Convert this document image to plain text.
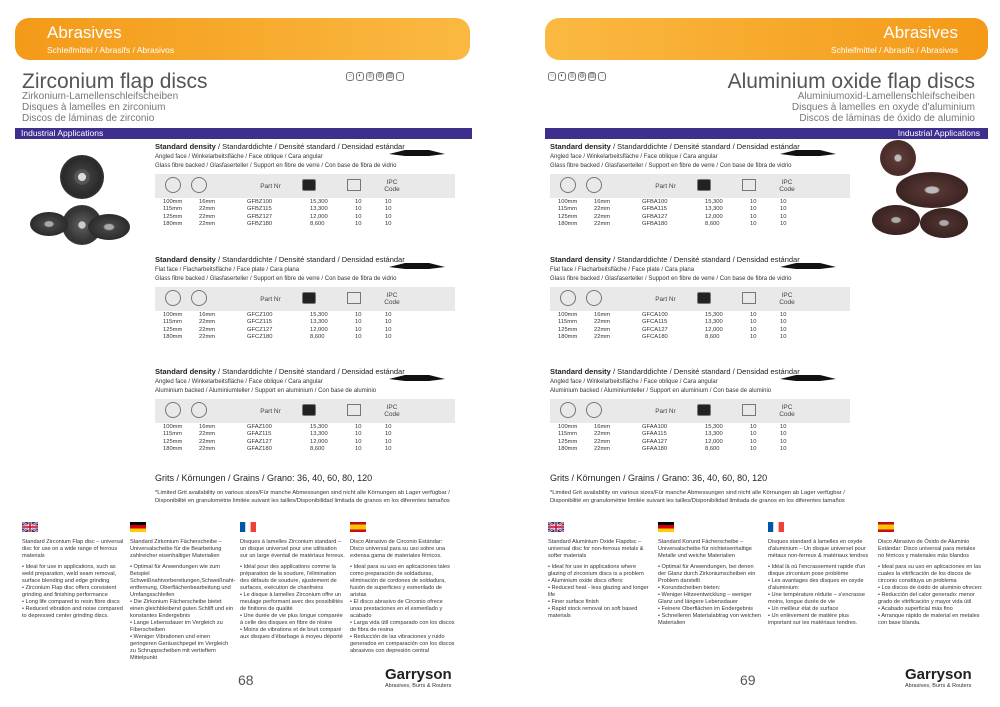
Abrasives
Schleifmittel / Abrasifs / Abrasivos
○	◐ ◎ ◍ ▥ ◌
Zirconium flap discs
Zirkonium-Lamellenschleifscheiben
Disques à lamelles en zirconium
Discos de láminas de zirconio
Industrial Applications
Standard density / Standarddichte / Densité standard / Densidad estándar
Angled face / Winkelarbeitsfläche / Face oblique / Cara angular
Glass fibre backed / Glasfaserteller / Support en fibre de verre / Con base de fibra de vidrio
Part Nr	IPC
Code
100mm	16mm	GFBZ100	15,300	10	10
115mm	22mm	GFBZ115	13,300	10	10
125mm	22mm	GFBZ127	12,000	10	10
180mm	22mm	GFBZ180	8,600	10	10
Standard density / Standarddichte / Densité standard / Densidad estándar
Flat face / Flacharbeitsfläche / Face plate / Cara plana
Glass fibre backed / Glasfaserteller / Support en fibre de verre / Con base de fibra de vidrio
Part Nr	IPC
Code
100mm	16mm	GFCZ100	15,300	10	10
115mm	22mm	GFCZ115	13,300	10	10
125mm	22mm	GFCZ127	12,000	10	10
180mm	22mm	GFCZ180	8,600	10	10
Standard density / Standarddichte / Densité standard / Densidad estándar
Angled face / Winkelarbeitsfläche / Face oblique / Cara angular
Aluminium backed / Aluminiumteller / Support en aluminium / Con base de aluminio
Part Nr	IPC
Code
100mm	16mm	GFAZ100	15,300	10	10
115mm	22mm	GFAZ115	13,300	10	10
125mm	22mm	GFAZ127	12,000	10	10
180mm	22mm	GFAZ180	8,600	10	10
Grits / Körnungen / Grains / Grano: 36, 40, 60, 80, 120
*Limited Grit availability on various sizes/Für manche Abmessungen sind nicht alle Körnungen ab Lager verfügbar / Disponibilité en granulométrie limitée suivant les tailles/Disponibilidad limitada de granos en los diferentes tamaños
Standard Zirconium Flap disc – universal disc for use on a wide range of ferrous materials
• Ideal for use in applications, such as weld preparation, weld seam removal, surface blending and edge grinding
• Zirconium Flap disc offers consistent grinding and finishing performance
• Long life compared to resin fibre discs
• Reduced vibration and noise compared to depressed center grinding discs.
Standard Zirkonium Fächerscheibe – Universalscheibe für die Bearbeitung zahlreicher eisenhaltiger Materialien
• Optimal für Anwendungen wie zum Beispiel Schweißnahtvorbereitungen,Schweißnahtentfernung, Oberflächenbearbeitung und Umfangsschleifen
• Die Zirkonium Fächerscheibe bietet einen gleichbleibend guten Schliff und ein konstantes Endergebnis
• Lange Lebensdauer im Vergleich zu Fiberscheiben
• Weniger Vibrationen und einen geringeren Geräuschpegel im Vergleich zu Schruppscheiben mit vertieftem Mittelpunkt
Disques à lamelles Zirconium standard – un disque universel pour une utilisation sur un large éventail de matériaux ferreux.
• Idéal pour des applications comme la préparation de la soudure, l'élimination des défauts de soudure, ajustement de surfaces, exécution de chanfreins
• Le disque à lamelles Zirconium offre un meulage performant avec des possibilités de finitions de qualité
• Une durée de vie plus longue comparée à celle des disques en fibre de résine
• Moins de vibrations et de bruit comparé aux disques d'ébarbage à moyeu déporté
Disco Abrasivo de Circonio Estándar: Disco universal para su uso sobre una extensa gama de materiales férricos.
• Ideal para su uso en aplicaciones tales como preparación de soldaduras, eliminación de cordones de soldadura, fusión de superficies y esmerilado de aristas
• El disco abrasivo de Circonio ofrece unas prestaciones en el esmerilado y acabado
• Larga vida útil comparado con los discos de fibra de resina
• Reducción de las vibraciones y ruido generados en comparación con los discos abrasivos con depresión central
68	Garryson
Abrasives, Burrs & Routers
Abrasives
Schleifmittel / Abrasifs / Abrasivos
○	◐ ◎ ◍ ▥ ◌	Aluminium oxide flap discs
Aluminiumoxid-Lamellenschleifscheiben
Disques à lamelles en oxyde d'aluminium
Discos de láminas de óxido de aluminio
Industrial Applications
Standard density / Standarddichte / Densité standard / Densidad estándar
Angled face / Winkelarbeitsfläche / Face oblique / Cara angular
Glass fibre backed / Glasfaserteller / Support en fibre de verre / Con base de fibra de vidrio
Part Nr	IPC
Code
100mm	16mm	GFBA100	15,300	10	10
115mm	22mm	GFBA115	13,300	10	10
125mm	22mm	GFBA127	12,000	10	10
180mm	22mm	GFBA180	8,600	10	10
Standard density / Standarddichte / Densité standard / Densidad estándar
Flat face / Flacharbeitsfläche / Face plate / Cara plana
Glass fibre backed / Glasfaserteller / Support en fibre de verre / Con base de fibra de vidrio
Part Nr	IPC
Code
100mm	16mm	GFCA100	15,300	10	10
115mm	22mm	GFCA115	13,300	10	10
125mm	22mm	GFCA127	12,000	10	10
180mm	22mm	GFCA180	8,600	10	10
Standard density / Standarddichte / Densité standard / Densidad estándar
Angled face / Winkelarbeitsfläche / Face oblique / Cara angular
Aluminium backed / Aluminiumteller / Support en aluminium / Con base de aluminio
Part Nr	IPC
Code
100mm	16mm	GFAA100	15,300	10	10
115mm	22mm	GFAA115	13,300	10	10
125mm	22mm	GFAA127	12,000	10	10
180mm	22mm	GFAA180	8,600	10	10
Grits / Körnungen / Grains / Grano: 36, 40, 60, 80, 120
*Limited Grit availability on various sizes/Für manche Abmessungen sind nicht alle Körnungen ab Lager verfügbar / Disponibilité en granulométrie limitée suivant les tailles/Disponibilidad limitada de granos en los diferentes tamaños
Standard Aluminium Oxide Flapdisc – universal disc for non-ferrous metals & softer materials
• Ideal for use in applications where glazing of zirconium discs is a problem
• Aluminium oxide discs offers:
• Reduced heat - less glazing and longer life
• Finer surface finish
• Rapid stock removal on soft based materials
Standard Korund Fächerscheibe – Universalscheibe für nichteisenhaltige Metalle und weiche Materialien
• Optimal für Anwendungen, bei denen der Glanz durch Zirkoniumscheiben ein Problem darstellt
• Korundscheiben bieten:
• Weniger Hitzeentwicklung – weniger Glanz und längere Lebensdauer
• Feinere Oberflächen im Endergebnis
• Schnelleren Materialabtrag von weichen Materialien
Disques standard à lamelles en oxyde d'aluminium – Un disque universel pour métaux non-ferreux & matériaux tendres
• Idéal là où l'encrassement rapide d'un disque zirconium pose problème
• Les avantages des disques en oxyde d'aluminium:
• Une température réduite – s'encrasse moins, longue durée de vie
• Un meilleur état de surface
• Un enlèvement de matière plus important sur les matériaux tendres.
Disco Abrasivo de Óxido de Aluminio Estándar: Disco universal para metales no férricos y materiales más blandos
• Ideal para su uso en aplicaciones en las cuales la vitrificación de los discos de circonio constituya un problema
• Los discos de óxido de aluminio ofrecen:
• Reducción del calor generado: menor grado de vitrificación y mayor vida útil
• Acabado superficial más fino
• Arranque rápido de material en metales con base blanda.
69	Garryson
Abrasives, Burrs & Routers
